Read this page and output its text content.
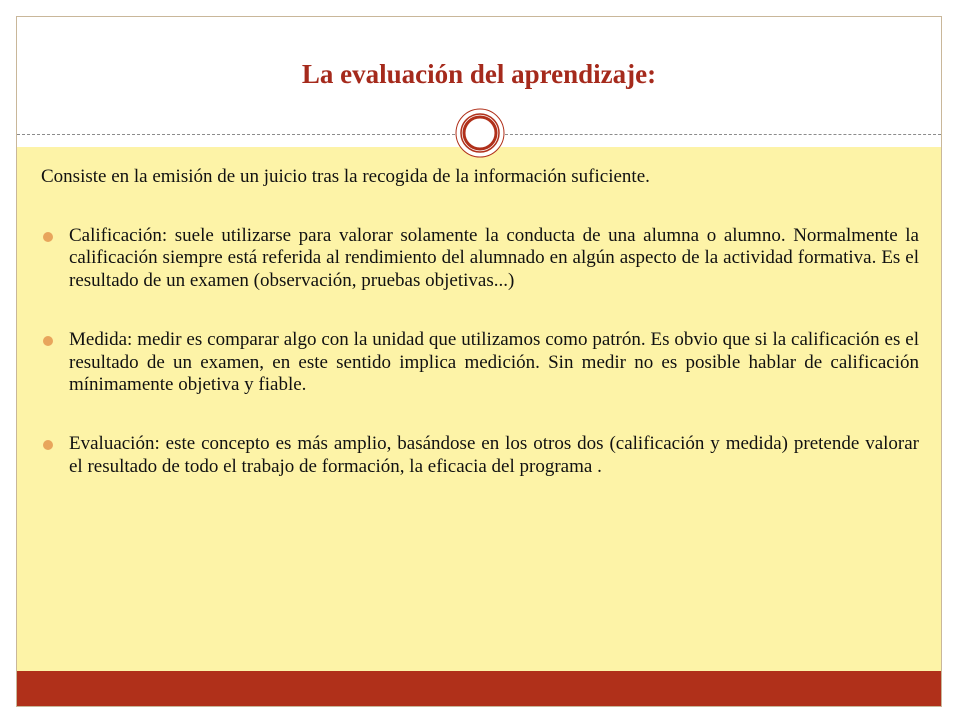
La evaluación del aprendizaje:

Consiste en la emisión de un juicio tras la recogida de la información suficiente.

Calificación: suele utilizarse para valorar solamente la conducta de una alumna o alumno. Normalmente la calificación siempre está referida al rendimiento del alumnado en algún aspecto de la actividad formativa. Es el resultado de un examen (observación, pruebas objetivas...)
Medida: medir es comparar algo con la unidad que utilizamos como patrón. Es obvio que si la calificación es el resultado de un examen, en este sentido implica medición. Sin medir no es posible hablar de calificación mínimamente objetiva y fiable.
Evaluación: este concepto es más amplio, basándose en los otros dos (calificación y medida) pretende valorar el resultado de todo el trabajo de formación, la eficacia del programa .
